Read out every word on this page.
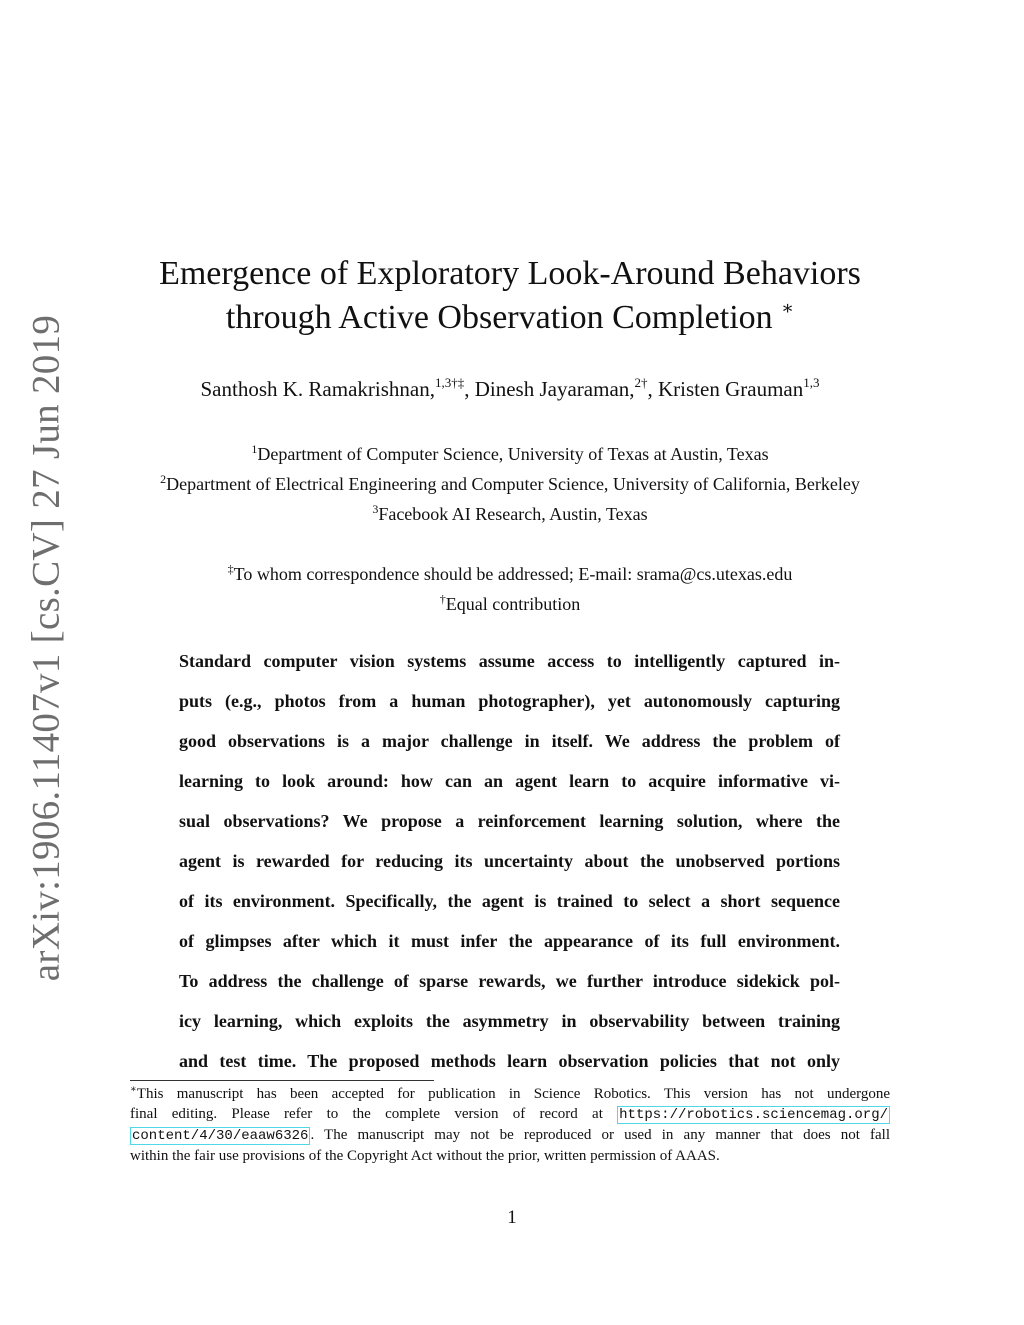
arXiv:1906.11407v1 [cs.CV] 27 Jun 2019
Emergence of Exploratory Look-Around Behaviors
through Active Observation Completion ∗
Santhosh K. Ramakrishnan,$^{1,3\dagger\ddagger}$, Dinesh Jayaraman,$^{2\dagger}$, Kristen Grauman$^{1,3}$
$^1$Department of Computer Science, University of Texas at Austin, Texas
$^2$Department of Electrical Engineering and Computer Science, University of California, Berkeley
$^3$Facebook AI Research, Austin, Texas
‡To whom correspondence should be addressed; E-mail: srama@cs.utexas.edu
†Equal contribution
Standard computer vision systems assume access to intelligently captured in-
puts (e.g., photos from a human photographer), yet autonomously capturing
good observations is a major challenge in itself. We address the problem of
learning to look around: how can an agent learn to acquire informative vi-
sual observations? We propose a reinforcement learning solution, where the
agent is rewarded for reducing its uncertainty about the unobserved portions
of its environment. Specifically, the agent is trained to select a short sequence
of glimpses after which it must infer the appearance of its full environment.
To address the challenge of sparse rewards, we further introduce sidekick pol-
icy learning, which exploits the asymmetry in observability between training
and test time. The proposed methods learn observation policies that not only
∗This manuscript has been accepted for publication in Science Robotics. This version has not undergone
final editing. Please refer to the complete version of record at https://robotics.sciencemag.org/
content/4/30/eaaw6326 . The manuscript may not be reproduced or used in any manner that does not fall
within the fair use provisions of the Copyright Act without the prior, written permission of AAAS.
1
